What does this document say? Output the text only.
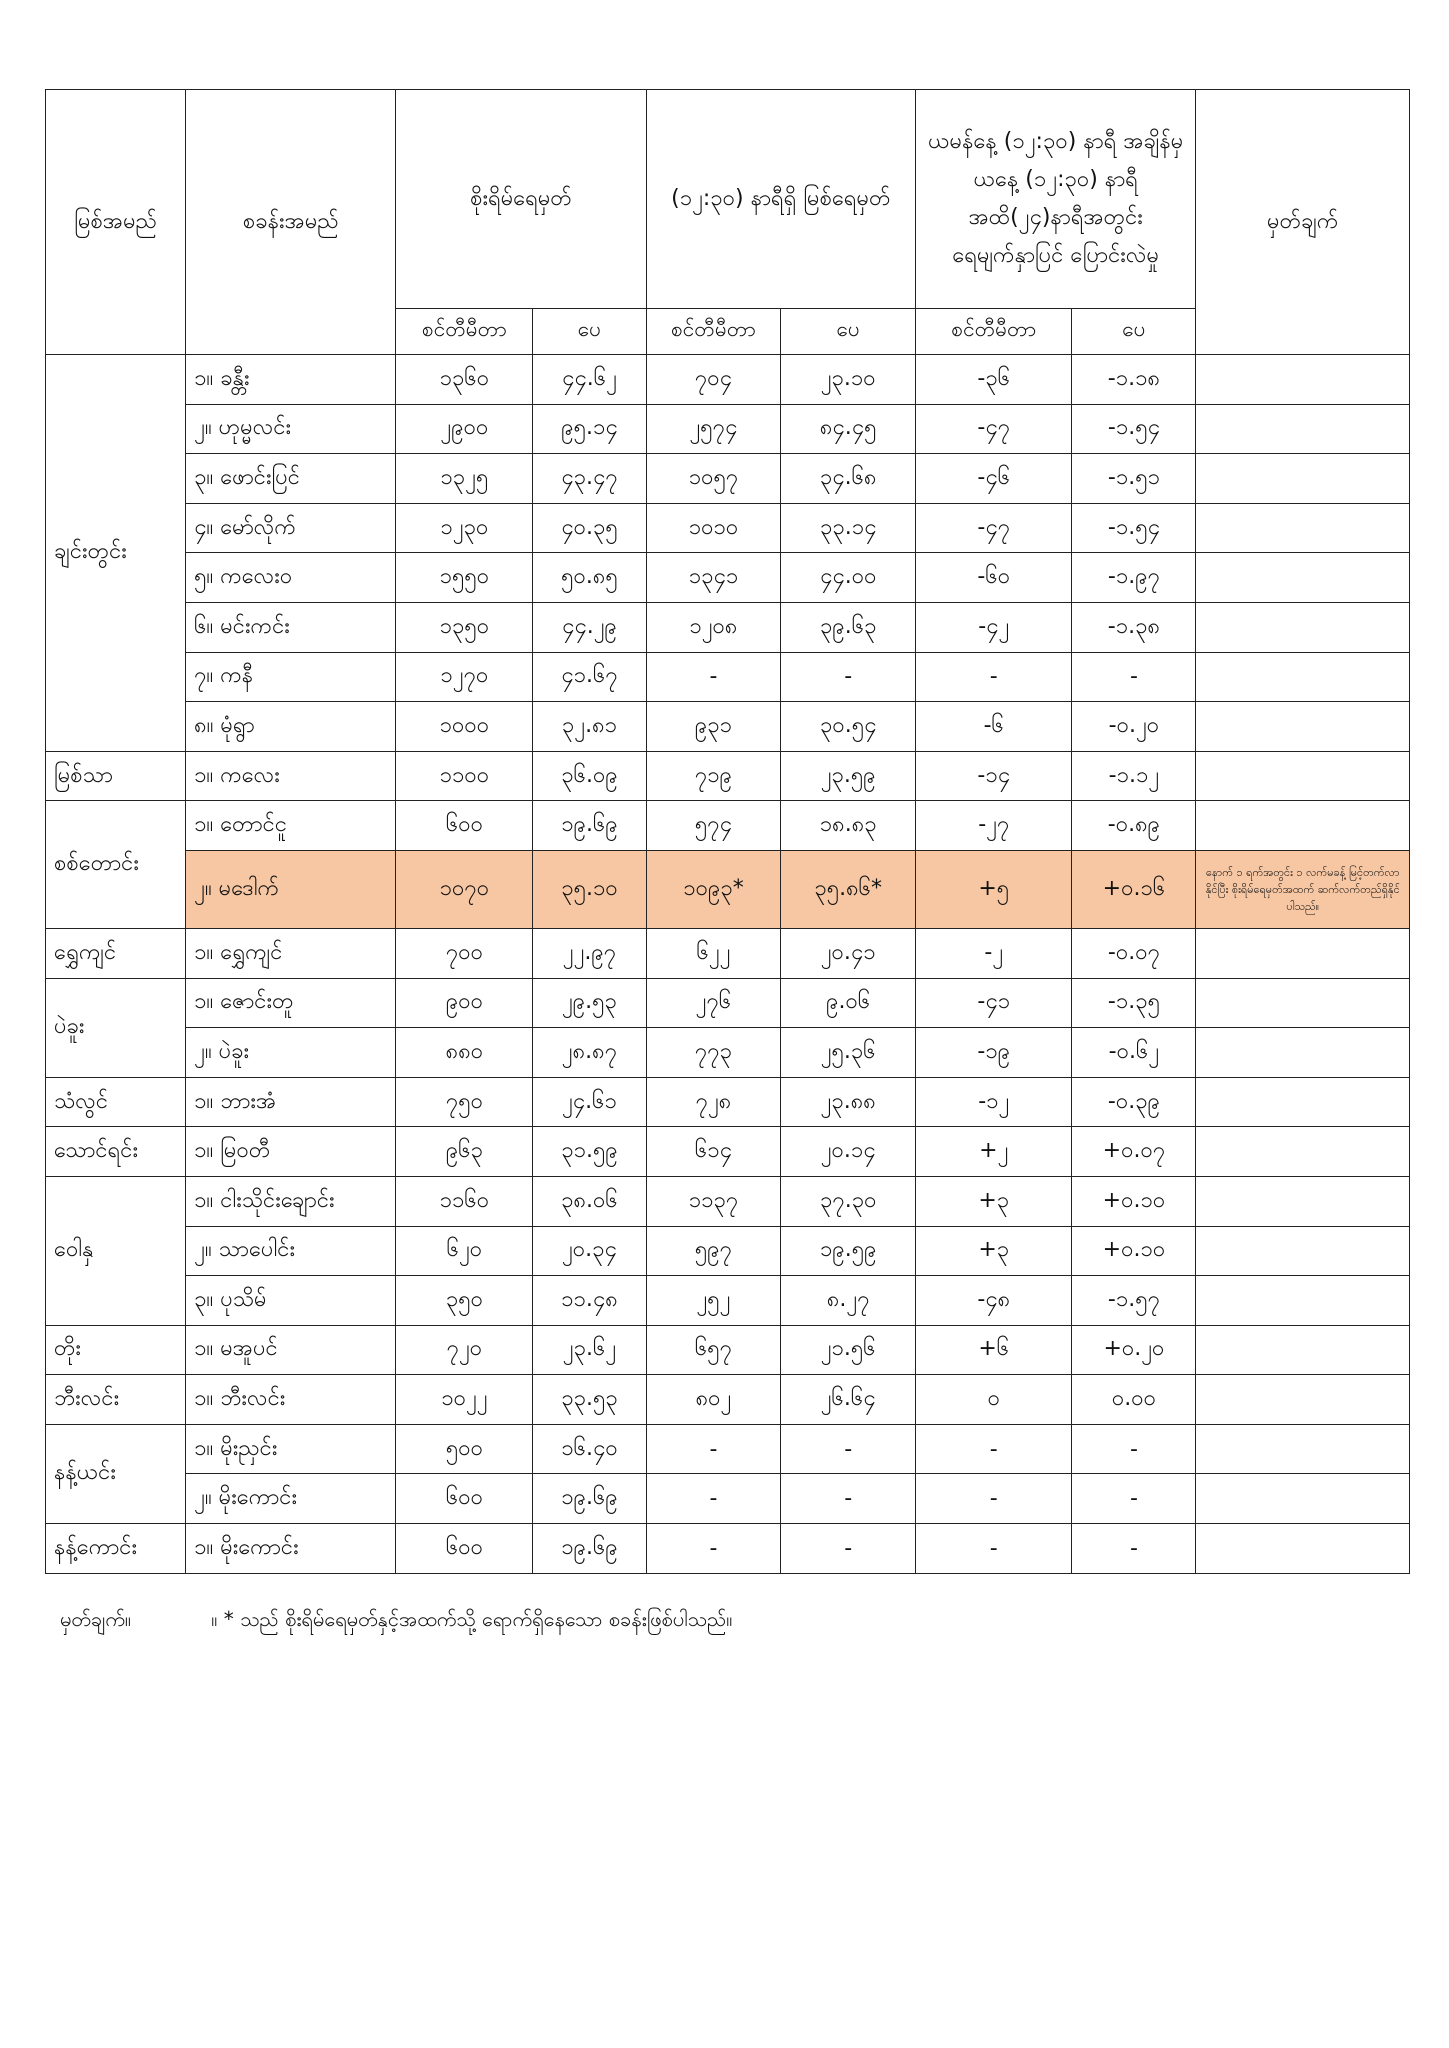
မြစ်အမည်	စခန်းအမည်	စိုးရိမ်ရေမှတ်		(၁၂:၃၀) နာရီရှိ မြစ်ရေမှတ်		ယမန်နေ့ (၁၂:၃၀) နာရီ အချိန်မှ ယနေ့ (၁၂:၃၀) နာရီအထိ(၂၄)နာရီအတွင်း ရေမျက်နှာပြင် ပြောင်းလဲမှု		မှတ်ချက်
		စင်တီမီတာ	ပေ	စင်တီမီတာ	ပေ	စင်တီမီတာ	ပေ	
ချင်းတွင်း	၁။ ခန္တီး	၁၃၆၀	၄၄.၆၂	၇၀၄	၂၃.၁၀	-၃၆	-၁.၁၈	
	၂။ ဟုမ္မလင်း	၂၉၀၀	၉၅.၁၄	၂၅၇၄	၈၄.၄၅	-၄၇	-၁.၅၄	
	၃။ ဖောင်းပြင်	၁၃၂၅	၄၃.၄၇	၁၀၅၇	၃၄.၆၈	-၄၆	-၁.၅၁	
	၄။ မော်လိုက်	၁၂၃၀	၄၀.၃၅	၁၀၁၀	၃၃.၁၄	-၄၇	-၁.၅၄	
	၅။ ကလေးဝ	၁၅၅၀	၅၀.၈၅	၁၃၄၁	၄၄.၀၀	-၆၀	-၁.၉၇	
	၆။ မင်းကင်း	၁၃၅၀	၄၄.၂၉	၁၂၀၈	၃၉.၆၃	-၄၂	-၁.၃၈	
	၇။ ကနီ	၁၂၇၀	၄၁.၆၇	-	-	-	-	
	၈။ မုံရွာ	၁၀၀၀	၃၂.၈၁	၉၃၁	၃၀.၅၄	-၆	-၀.၂၀	
မြစ်သာ	၁။ ကလေး	၁၁၀၀	၃၆.၀၉	၇၁၉	၂၃.၅၉	-၁၄	-၁.၁၂	
စစ်တောင်း	၁။ တောင်ငူ	၆၀၀	၁၉.၆၉	၅၇၄	၁၈.၈၃	-၂၇	-၀.၈၉	
	၂။ မဒေါက်	၁၀၇၀	၃၅.၁၀	၁၀၉၃*	၃၅.၈၆*	+၅	+၀.၁၆	နောက် ၁ ရက်အတွင်း ၁ လက်မခန့် မြင့်တက်လာနိုင်ပြီး စိုးရိမ်ရေမှတ်အထက် ဆက်လက်တည်ရှိနိုင်ပါသည်။
ရွှေကျင်	၁။ ရွှေကျင်	၇၀၀	၂၂.၉၇	၆၂၂	၂၀.၄၁	-၂	-၀.၀၇	
ပဲခူး	၁။ ဇောင်းတူ	၉၀၀	၂၉.၅၃	၂၇၆	၉.၀၆	-၄၁	-၁.၃၅	
	၂။ ပဲခူး	၈၈၀	၂၈.၈၇	၇၇၃	၂၅.၃၆	-၁၉	-၀.၆၂	
သံလွင်	၁။ ဘားအံ	၇၅၀	၂၄.၆၁	၇၂၈	၂၃.၈၈	-၁၂	-၀.၃၉	
သောင်ရင်း	၁။ မြဝတီ	၉၆၃	၃၁.၅၉	၆၁၄	၂၀.၁၄	+၂	+၀.၀၇	
ဝေါနှ	၁။ ငါးသိုင်းချောင်း	၁၁၆၀	၃၈.၀၆	၁၁၃၇	၃၇.၃၀	+၃	+၀.၁၀	
	၂။ သာပေါင်း	၆၂၀	၂၀.၃၄	၅၉၇	၁၉.၅၉	+၃	+၀.၁၀	
	၃။ ပုသိမ်	၃၅၀	၁၁.၄၈	၂၅၂	၈.၂၇	-၄၈	-၁.၅၇	
တိုး	၁။ မအူပင်	၇၂၀	၂၃.၆၂	၆၅၇	၂၁.၅၆	+၆	+၀.၂၀	
ဘီးလင်း	၁။ ဘီးလင်း	၁၀၂၂	၃၃.၅၃	၈၀၂	၂၆.၆၄	၀	၀.၀၀	
နန့်ယင်း	၁။ မိုးညှင်း	၅၀၀	၁၆.၄၀	-	-	-	-	
	၂။ မိုးကောင်း	၆၀၀	၁၉.၆၉	-	-	-	-	
နန့်ကောင်း	၁။ မိုးကောင်း	၆၀၀	၁၉.၆၉	-	-	-	-	
မှတ်ချက်။	။ * သည် စိုးရိမ်ရေမှတ်နှင့်အထက်သို့ ရောက်ရှိနေသော စခန်းဖြစ်ပါသည်။
